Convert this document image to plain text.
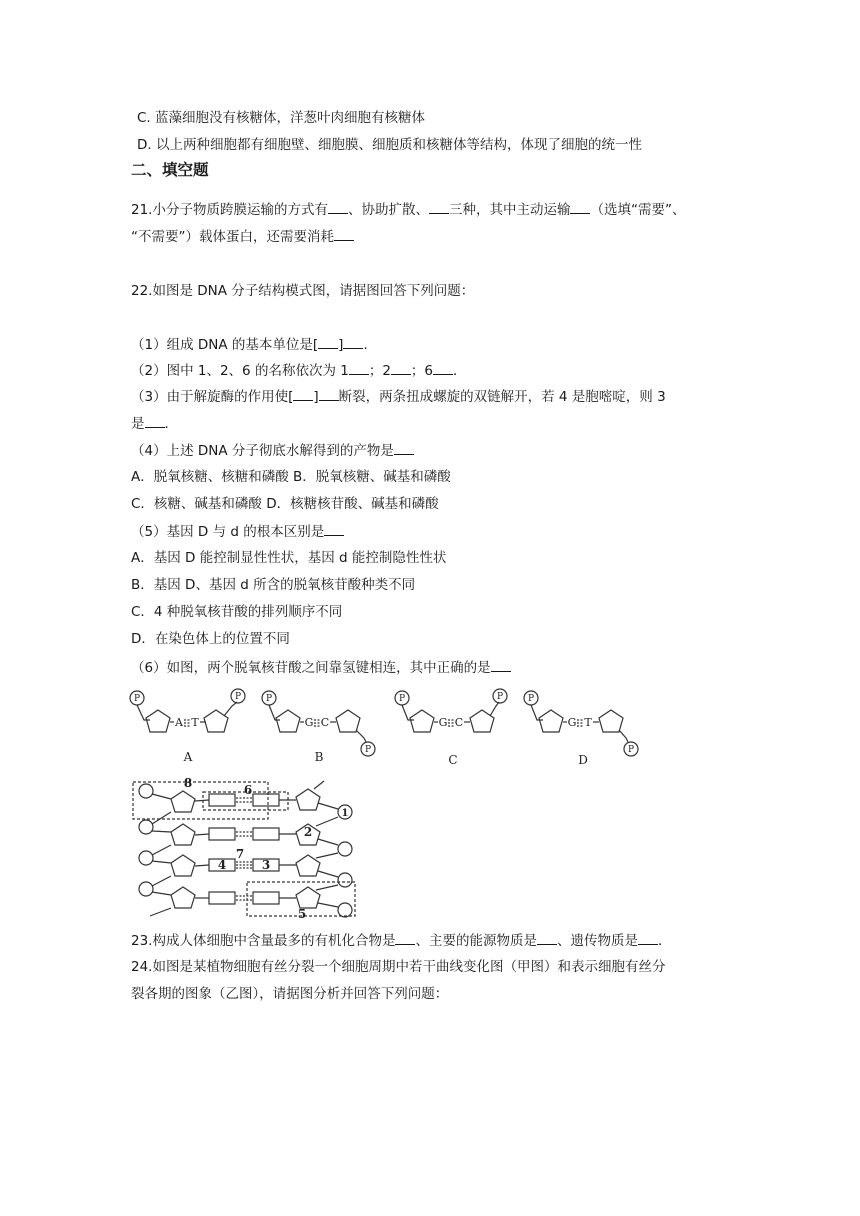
C. 蓝藻细胞没有核糖体，洋葱叶肉细胞有核糖体
D. 以上两种细胞都有细胞壁、细胞膜、细胞质和核糖体等结构，体现了细胞的统一性
二、填空题
21.小分子物质跨膜运输的方式有 、协助扩散、 三种，其中主动运输 （选填“需要”、
“不需要”）载体蛋白，还需要消耗
22.如图是 DNA 分子结构模式图，请据图回答下列问题：
（1）组成 DNA 的基本单位是[ ] ．
（2）图中 1、2、6 的名称依次为 1 ；2 ；6 ．
（3）由于解旋酶的作用使[ ] 断裂，两条扭成螺旋的双链解开，若 4 是胞嘧啶，则 3
是 ．
（4）上述 DNA 分子彻底水解得到的产物是
A．脱氧核糖、核糖和磷酸 B．脱氧核糖、碱基和磷酸
C．核糖、碱基和磷酸 D．核糖核苷酸、碱基和磷酸
（5）基因 D 与 d 的根本区别是
A．基因 D 能控制显性性状，基因 d 能控制隐性性状
B．基因 D、基因 d 所含的脱氧核苷酸种类不同
C．4 种脱氧核苷酸的排列顺序不同
D．在染色体上的位置不同
（6）如图，两个脱氧核苷酸之间靠氢键相连，其中正确的是
P	P	P
P
P	P	P
P
A T	G C	G C	G T
A	B	C	D
8	6
1
2
7
4	3
5
23.构成人体细胞中含量最多的有机化合物是 、主要的能源物质是 、遗传物质是 ．
24.如图是某植物细胞有丝分裂一个细胞周期中若干曲线变化图（甲图）和表示细胞有丝分
裂各期的图象（乙图），请据图分析并回答下列问题：
